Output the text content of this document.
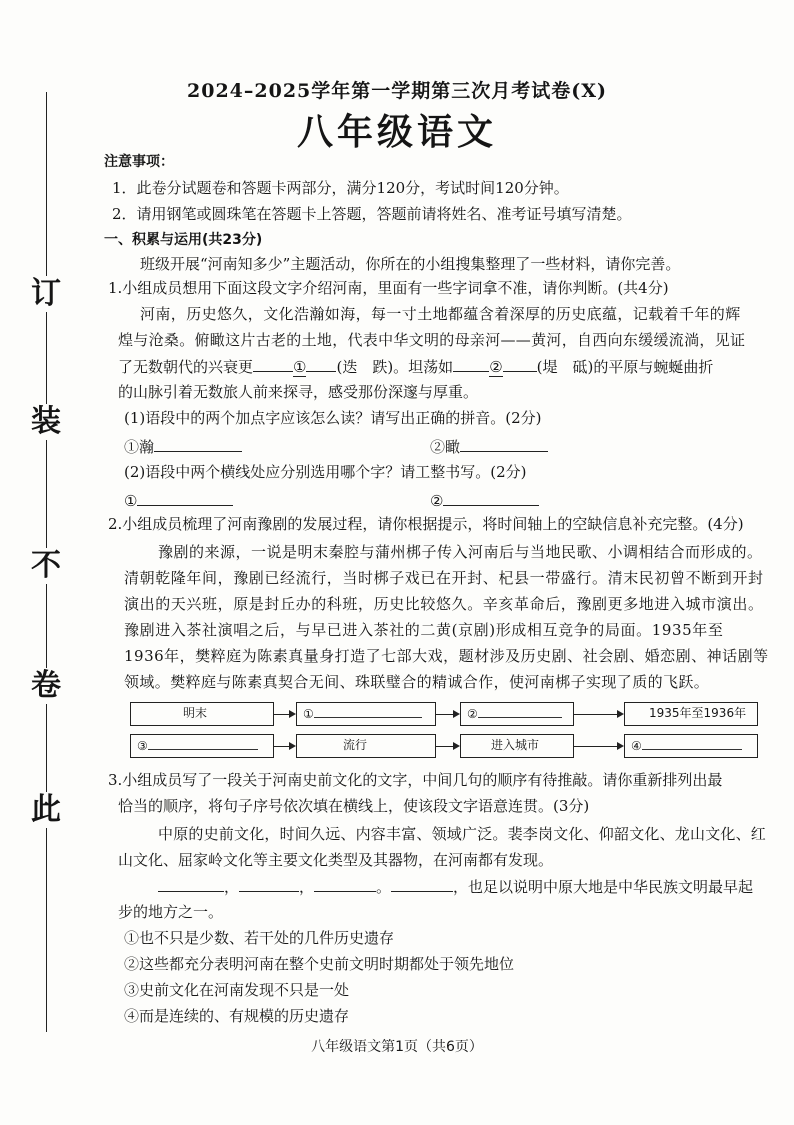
订
装
不
卷
此
2024–2025学年第一学期第三次月考试卷(X)
八年级语文
注意事项：
1．此卷分试题卷和答题卡两部分，满分120分，考试时间120分钟。
2．请用钢笔或圆珠笔在答题卡上答题，答题前请将姓名、准考证号填写清楚。
一、积累与运用(共23分)
班级开展“河南知多少”主题活动，你所在的小组搜集整理了一些材料，请你完善。
1.小组成员想用下面这段文字介绍河南，里面有一些字词拿不准，请你判断。(共4分)
河南，历史悠久，文化浩瀚如海，每一寸土地都蕴含着深厚的历史底蕴，记载着千年的辉
煌与沧桑。俯瞰这片古老的土地，代表中华文明的母亲河——黄河，自西向东缓缓流淌，见证
了无数朝代的兴衰更	① (迭　跌)。坦荡如 ② (堤　砥)的平原与蜿蜒曲折
的山脉引着无数旅人前来探寻，感受那份深邃与厚重。
(1)语段中的两个加点字应该怎么读？请写出正确的拼音。(2分)
①瀚	②瞰
(2)语段中两个横线处应分别选用哪个字？请工整书写。(2分)
①	②
2.小组成员梳理了河南豫剧的发展过程，请你根据提示，将时间轴上的空缺信息补充完整。(4分)
豫剧的来源，一说是明末秦腔与蒲州梆子传入河南后与当地民歌、小调相结合而形成的。
清朝乾隆年间，豫剧已经流行，当时梆子戏已在开封、杞县一带盛行。清末民初曾不断到开封
演出的天兴班，原是封丘办的科班，历史比较悠久。辛亥革命后，豫剧更多地进入城市演出。
豫剧进入茶社演唱之后，与早已进入茶社的二黄(京剧)形成相互竞争的局面。1935年至
1936年，樊粹庭为陈素真量身打造了七部大戏，题材涉及历史剧、社会剧、婚恋剧、神话剧等
领域。樊粹庭与陈素真契合无间、珠联璧合的精诚合作，使河南梆子实现了质的飞跃。
明末	①	②	1935年至1936年
③	流行	进入城市	④
3.小组成员写了一段关于河南史前文化的文字，中间几句的顺序有待推敲。请你重新排列出最
恰当的顺序，将句子序号依次填在横线上，使该段文字语意连贯。(3分)
中原的史前文化，时间久远、内容丰富、领域广泛。裴李岗文化、仰韶文化、龙山文化、红
山文化、屈家岭文化等主要文化类型及其器物，在河南都有发现。
，	，	。	，也足以说明中原大地是中华民族文明最早起
步的地方之一。
①也不只是少数、若干处的几件历史遗存
②这些都充分表明河南在整个史前文明时期都处于领先地位
③史前文化在河南发现不只是一处
④而是连续的、有规模的历史遗存
八年级语文第1页（共6页）
